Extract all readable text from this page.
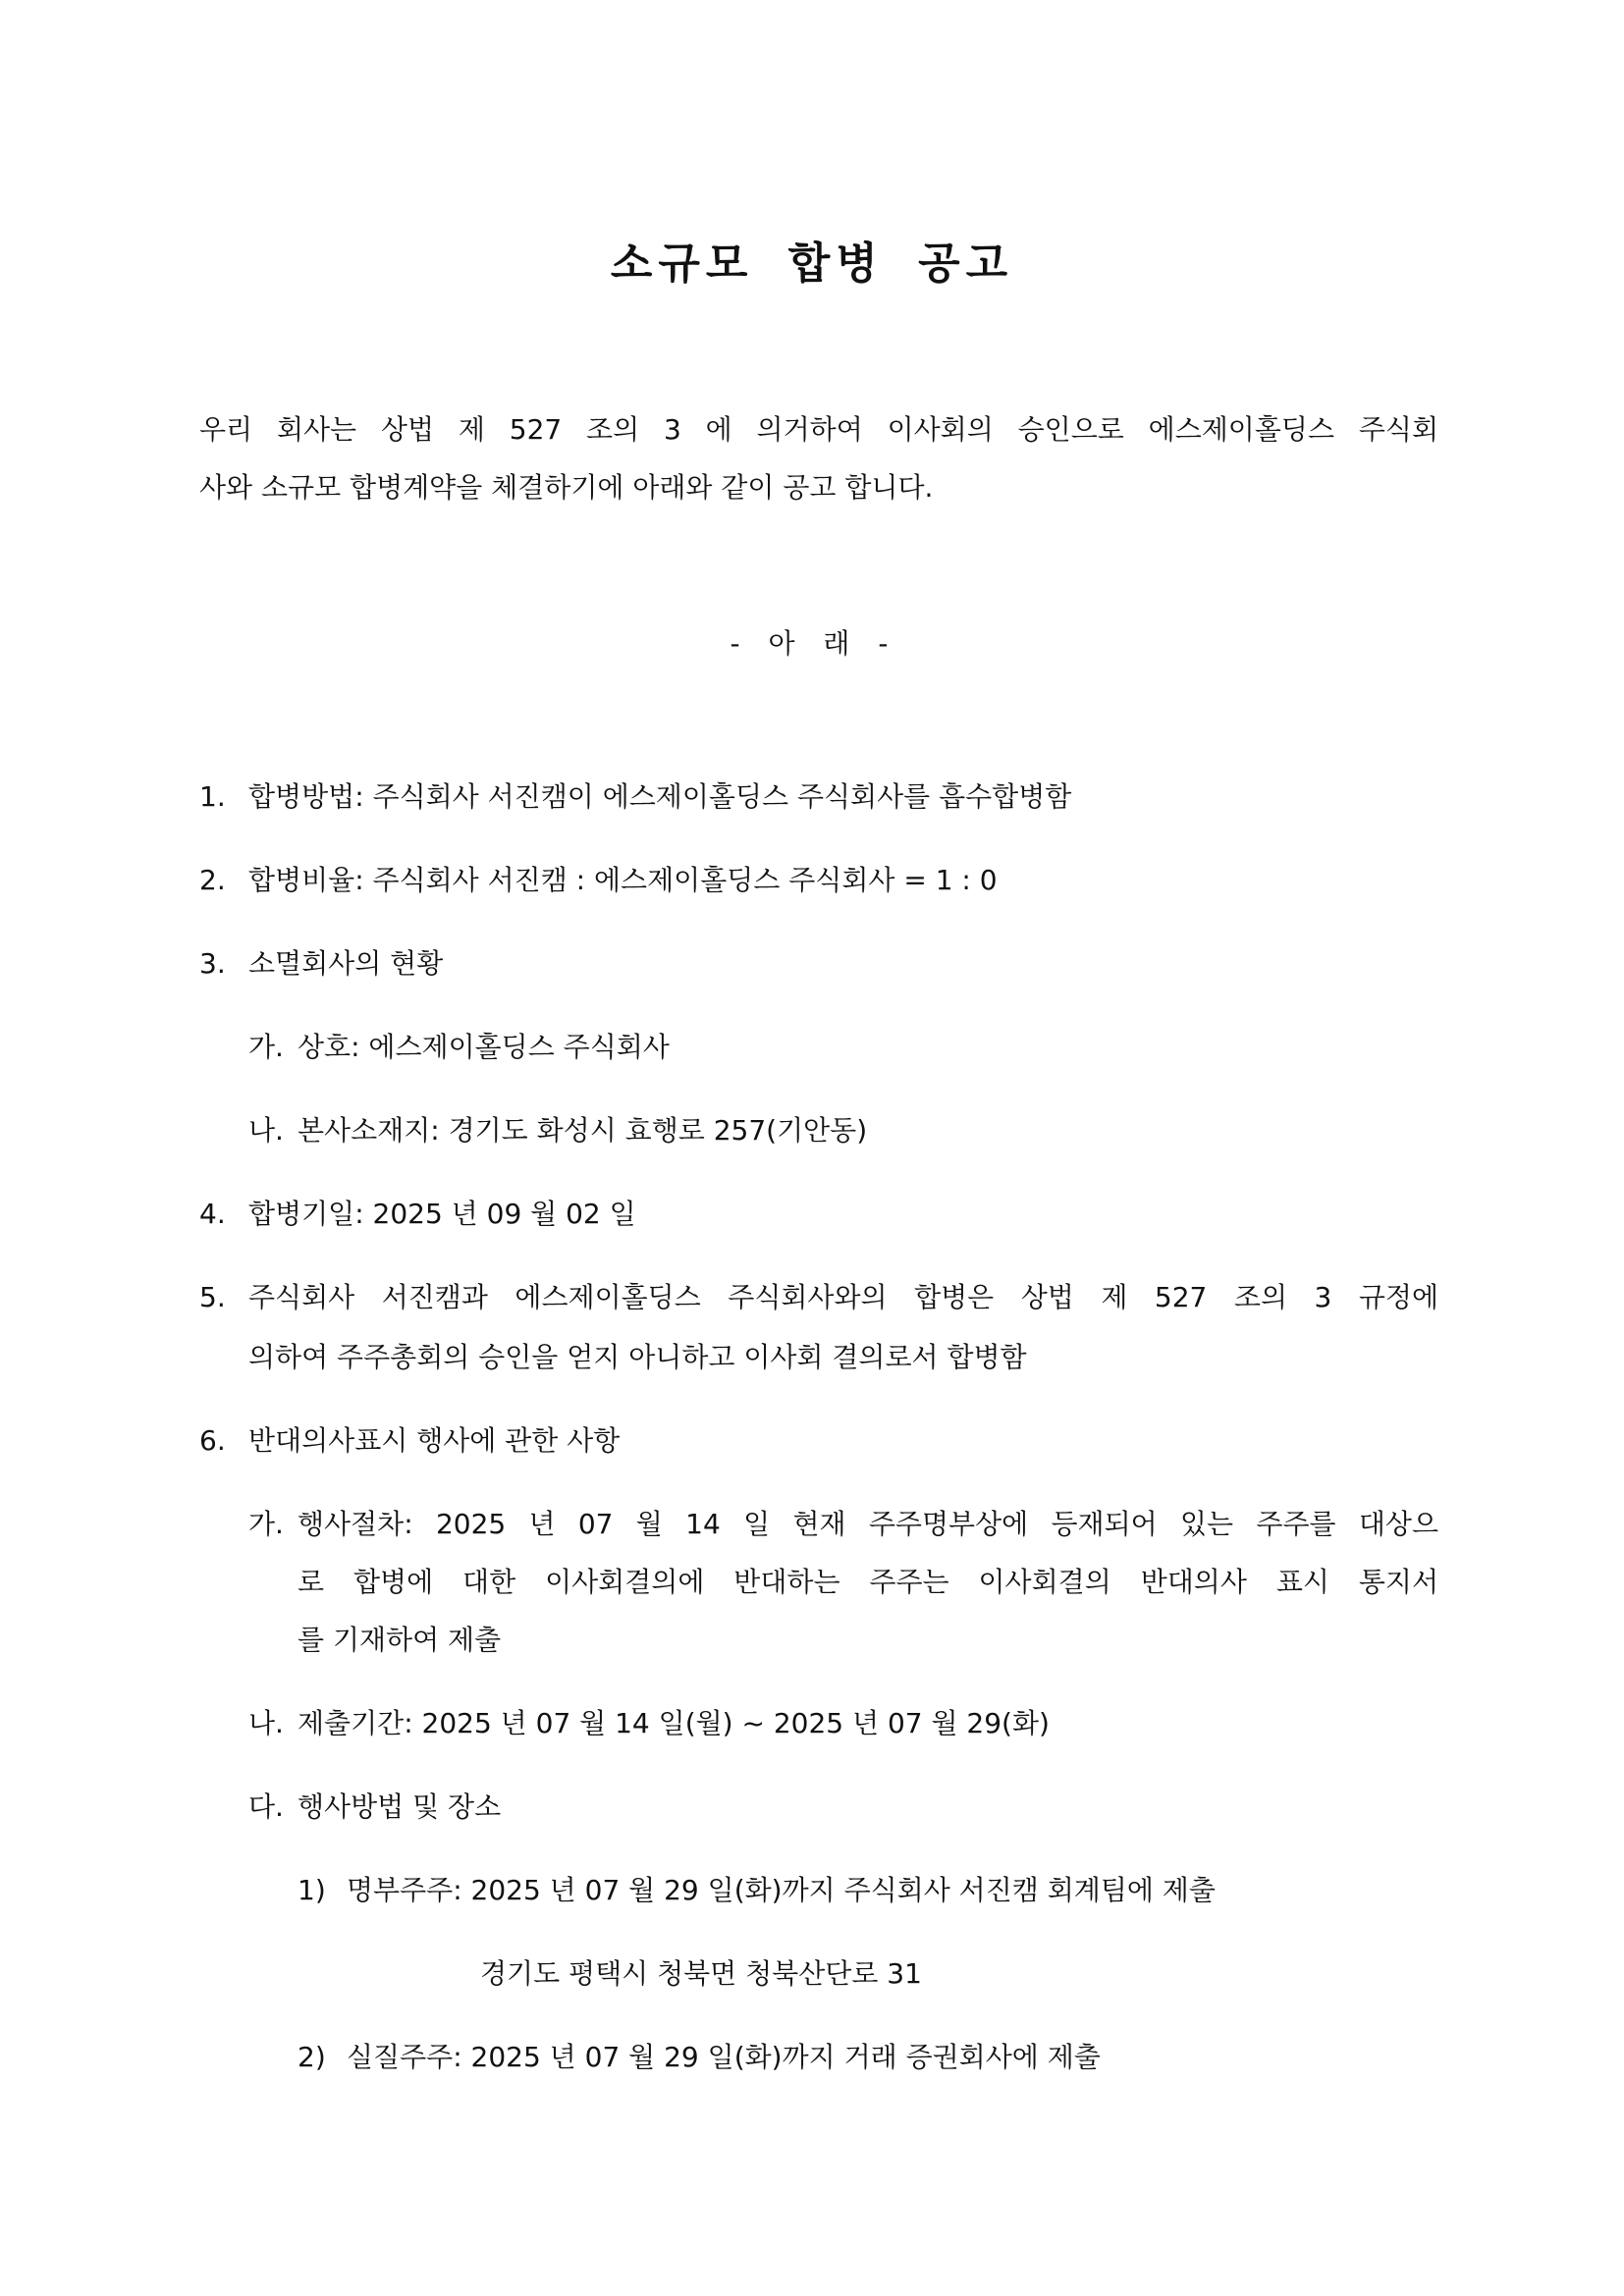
소규모 합병 공고
우리 회사는 상법 제 527 조의 3 에 의거하여 이사회의 승인으로 에스제이홀딩스 주식회
사와 소규모 합병계약을 체결하기에 아래와 같이 공고 합니다.
- 아 래 -
1. 합병방법: 주식회사 서진캠이 에스제이홀딩스 주식회사를 흡수합병함
2. 합병비율: 주식회사 서진캠 : 에스제이홀딩스 주식회사 = 1 : 0
3. 소멸회사의 현황
가. 상호: 에스제이홀딩스 주식회사
나. 본사소재지: 경기도 화성시 효행로 257(기안동)
4. 합병기일: 2025 년 09 월 02 일
5. 주식회사 서진캠과 에스제이홀딩스 주식회사와의 합병은 상법 제 527 조의 3 규정에
의하여 주주총회의 승인을 얻지 아니하고 이사회 결의로서 합병함
6. 반대의사표시 행사에 관한 사항
가. 행사절차: 2025 년 07 월 14 일 현재 주주명부상에 등재되어 있는 주주를 대상으
로 합병에 대한 이사회결의에 반대하는 주주는 이사회결의 반대의사 표시 통지서
를 기재하여 제출
나. 제출기간: 2025 년 07 월 14 일(월) ~ 2025 년 07 월 29(화)
다. 행사방법 및 장소
1) 명부주주: 2025 년 07 월 29 일(화)까지 주식회사 서진캠 회계팀에 제출
경기도 평택시 청북면 청북산단로 31
2) 실질주주: 2025 년 07 월 29 일(화)까지 거래 증권회사에 제출
